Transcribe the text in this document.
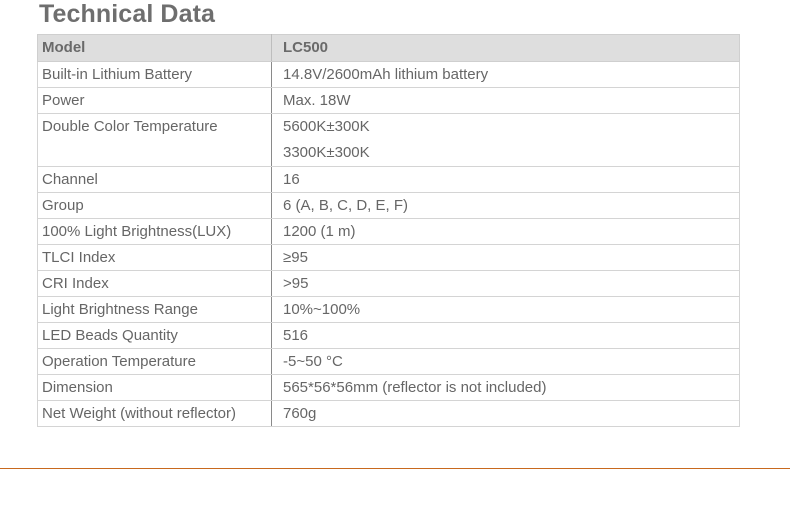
Technical Data
Model	LC500
Built-in Lithium Battery	14.8V/2600mAh lithium battery
Power	Max. 18W
Double Color Temperature	5600K±300K
3300K±300K

Channel	16
Group	6 (A, B, C, D, E, F)
100% Light Brightness(LUX)	1200 (1 m)
TLCI Index	≥95
CRI Index	>95
Light Brightness Range	10%~100%
LED Beads Quantity	516
Operation Temperature	-5~50 °C
Dimension	565*56*56mm (reflector is not included)
Net Weight (without reflector)	760g
